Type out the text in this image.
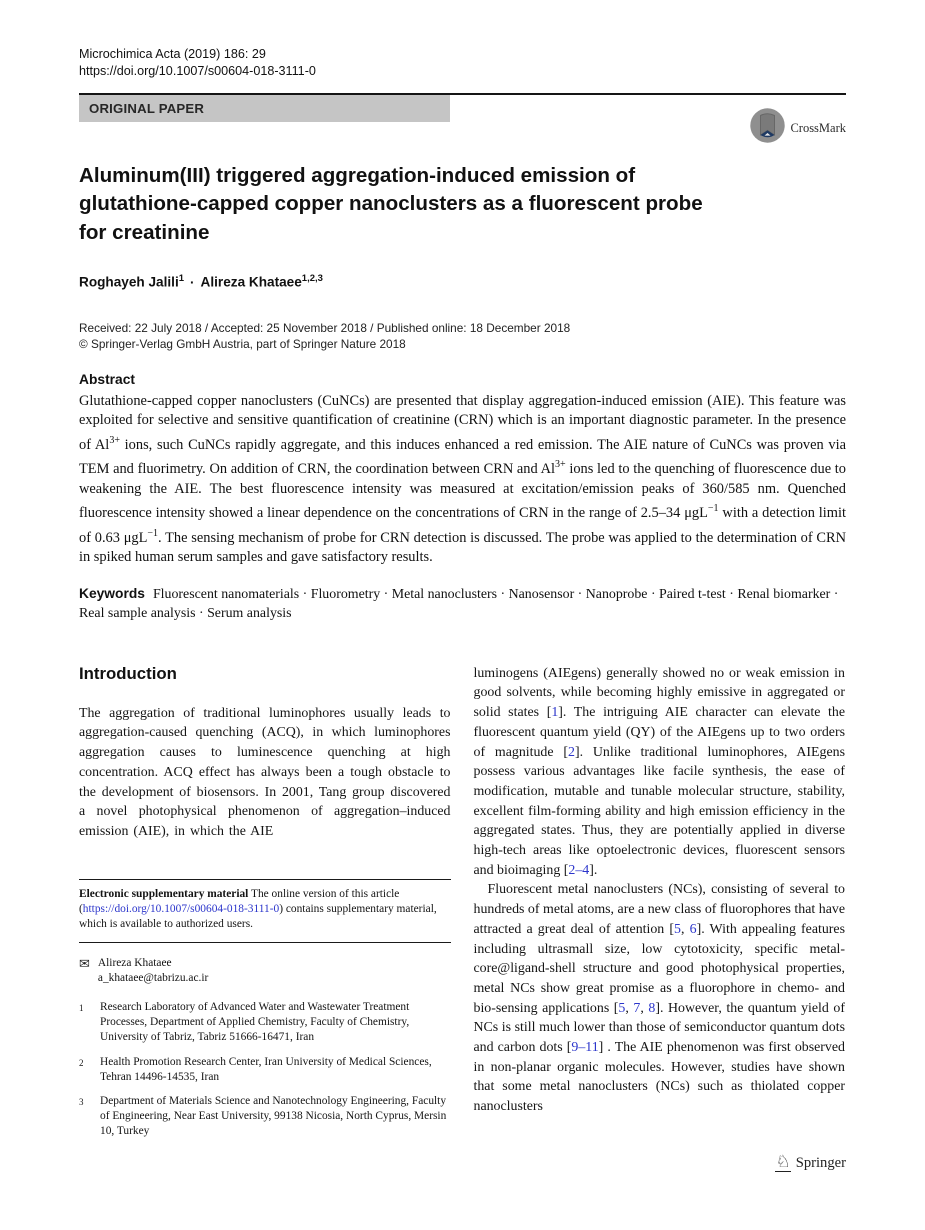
Microchimica Acta (2019) 186: 29
https://doi.org/10.1007/s00604-018-3111-0
ORIGINAL PAPER
CrossMark
Aluminum(III) triggered aggregation-induced emission of glutathione-capped copper nanoclusters as a fluorescent probe for creatinine
Roghayeh Jalili$^1$ · Alireza Khataee$^{1,2,3}$
Received: 22 July 2018 / Accepted: 25 November 2018 / Published online: 18 December 2018
© Springer-Verlag GmbH Austria, part of Springer Nature 2018
Abstract

Glutathione-capped copper nanoclusters (CuNCs) are presented that display aggregation-induced emission (AIE). This feature was exploited for selective and sensitive quantification of creatinine (CRN) which is an important diagnostic parameter. In the presence of $Al^{3+}$ ions, such CuNCs rapidly aggregate, and this induces enhanced a red emission. The AIE nature of CuNCs was proven via TEM and fluorimetry. On addition of CRN, the coordination between CRN and $Al^{3+}$ ions led to the quenching of fluorescence due to weakening the AIE. The best fluorescence intensity was measured at excitation/emission peaks of 360/585 nm. Quenched fluorescence intensity showed a linear dependence on the concentrations of CRN in the range of 2.5–34 μgL$^{-1}$ with a detection limit of 0.63 μgL$^{-1}$. The sensing mechanism of probe for CRN detection is discussed. The probe was applied to the determination of CRN in spiked human serum samples and gave satisfactory results.

Keywords Fluorescent nanomaterials · Fluorometry · Metal nanoclusters · Nanosensor · Nanoprobe · Paired t-test · Renal biomarker · Real sample analysis · Serum analysis
Introduction

The aggregation of traditional luminophores usually leads to aggregation-caused quenching (ACQ), in which luminophores aggregation causes to luminescence quenching at high concentration. ACQ effect has always been a tough obstacle to the development of biosensors. In 2001, Tang group discovered a novel photophysical phenomenon of aggregation–induced emission (AIE), in which the AIE

Electronic supplementary material The online version of this article (https://doi.org/10.1007/s00604-018-3111-0) contains supplementary material, which is available to authorized users.
✉ Alireza Khataee
a_khataee@tabrizu.ac.ir
1	Research Laboratory of Advanced Water and Wastewater Treatment Processes, Department of Applied Chemistry, Faculty of Chemistry, University of Tabriz, Tabriz 51666-16471, Iran
2	Health Promotion Research Center, Iran University of Medical Sciences, Tehran 14496-14535, Iran
3	Department of Materials Science and Nanotechnology Engineering, Faculty of Engineering, Near East University, 99138 Nicosia, North Cyprus, Mersin 10, Turkey

luminogens (AIEgens) generally showed no or weak emission in good solvents, while becoming highly emissive in aggregated or solid states [1]. The intriguing AIE character can elevate the fluorescent quantum yield (QY) of the AIEgens up to two orders of magnitude [2]. Unlike traditional luminophores, AIEgens possess various advantages like facile synthesis, the ease of modification, mutable and tunable molecular structure, stability, excellent film-forming ability and high emission efficiency in the aggregated states. Thus, they are potentially applied in diverse high-tech areas like optoelectronic devices, fluorescent sensors and bioimaging [2–4].

Fluorescent metal nanoclusters (NCs), consisting of several to hundreds of metal atoms, are a new class of fluorophores that have attracted a great deal of attention [5, 6]. With appealing features including ultrasmall size, low cytotoxicity, specific metal-core@ligand-shell structure and good photophysical properties, metal NCs show great promise as a fluorophore in chemo- and bio-sensing applications [5, 7, 8]. However, the quantum yield of NCs is still much lower than those of semiconductor quantum dots and carbon dots [9–11] . The AIE phenomenon was first observed in non-planar organic molecules. However, studies have shown that some metal nanoclusters (NCs) such as thiolated copper nanoclusters

♘ Springer
